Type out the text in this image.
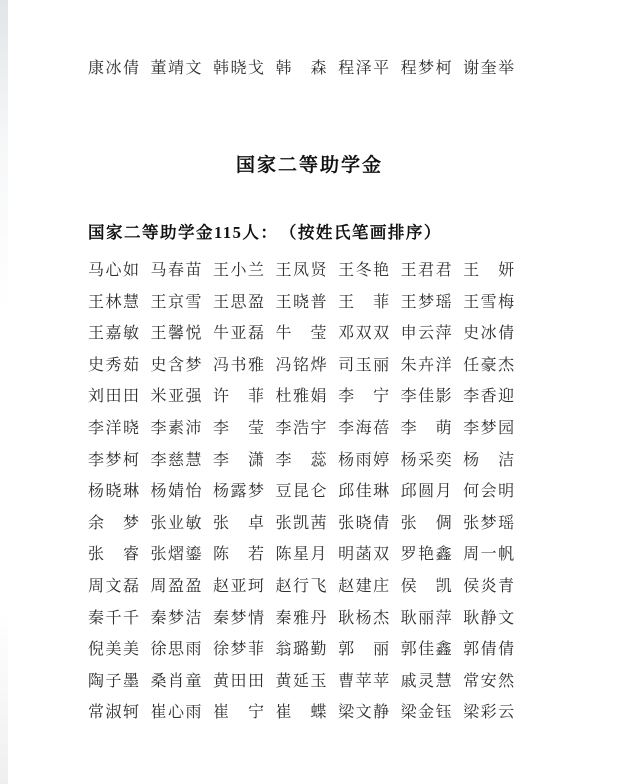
康冰倩 董靖文 韩晓戈 韩　森 程泽平 程梦柯 谢奎举
国家二等助学金
国家二等助学金115人：　（按姓氏笔画排序）
马心如 马春苗 王小兰 王凤贤 王冬艳 王君君 王　妍
王林慧 王京雪 王思盈 王晓普 王　菲 王梦瑶 王雪梅
王嘉敏 王馨悦 牛亚磊 牛　莹 邓双双 申云萍 史冰倩
史秀茹 史含梦 冯书雅 冯铭烨 司玉丽 朱卉洋 任豪杰
刘田田 米亚强 许　菲 杜雅娟 李　宁 李佳影 李香迎
李洋晓 李素沛 李　莹 李浩宇 李海蓓 李　萌 李梦园
李梦柯 李慈慧 李　潇 李　蕊 杨雨婷 杨采奕 杨　洁
杨晓琳 杨婧怡 杨露梦 豆昆仑 邱佳琳 邱圆月 何会明
余　梦 张业敏 张　卓 张凯茜 张晓倩 张　倜 张梦瑶
张　睿 张熠鎏 陈　若 陈星月 明菡双 罗艳鑫 周一帆
周文磊 周盈盈 赵亚珂 赵行飞 赵建庄 侯　凯 侯炎青
秦千千 秦梦洁 秦梦情 秦雅丹 耿杨杰 耿丽萍 耿静文
倪美美 徐思雨 徐梦菲 翁璐勤 郭　丽 郭佳鑫 郭倩倩
陶子墨 桑肖童 黄田田 黄延玉 曹苹苹 戚灵慧 常安然
常淑轲 崔心雨 崔　宁 崔　蝶 梁文静 梁金钰 梁彩云
